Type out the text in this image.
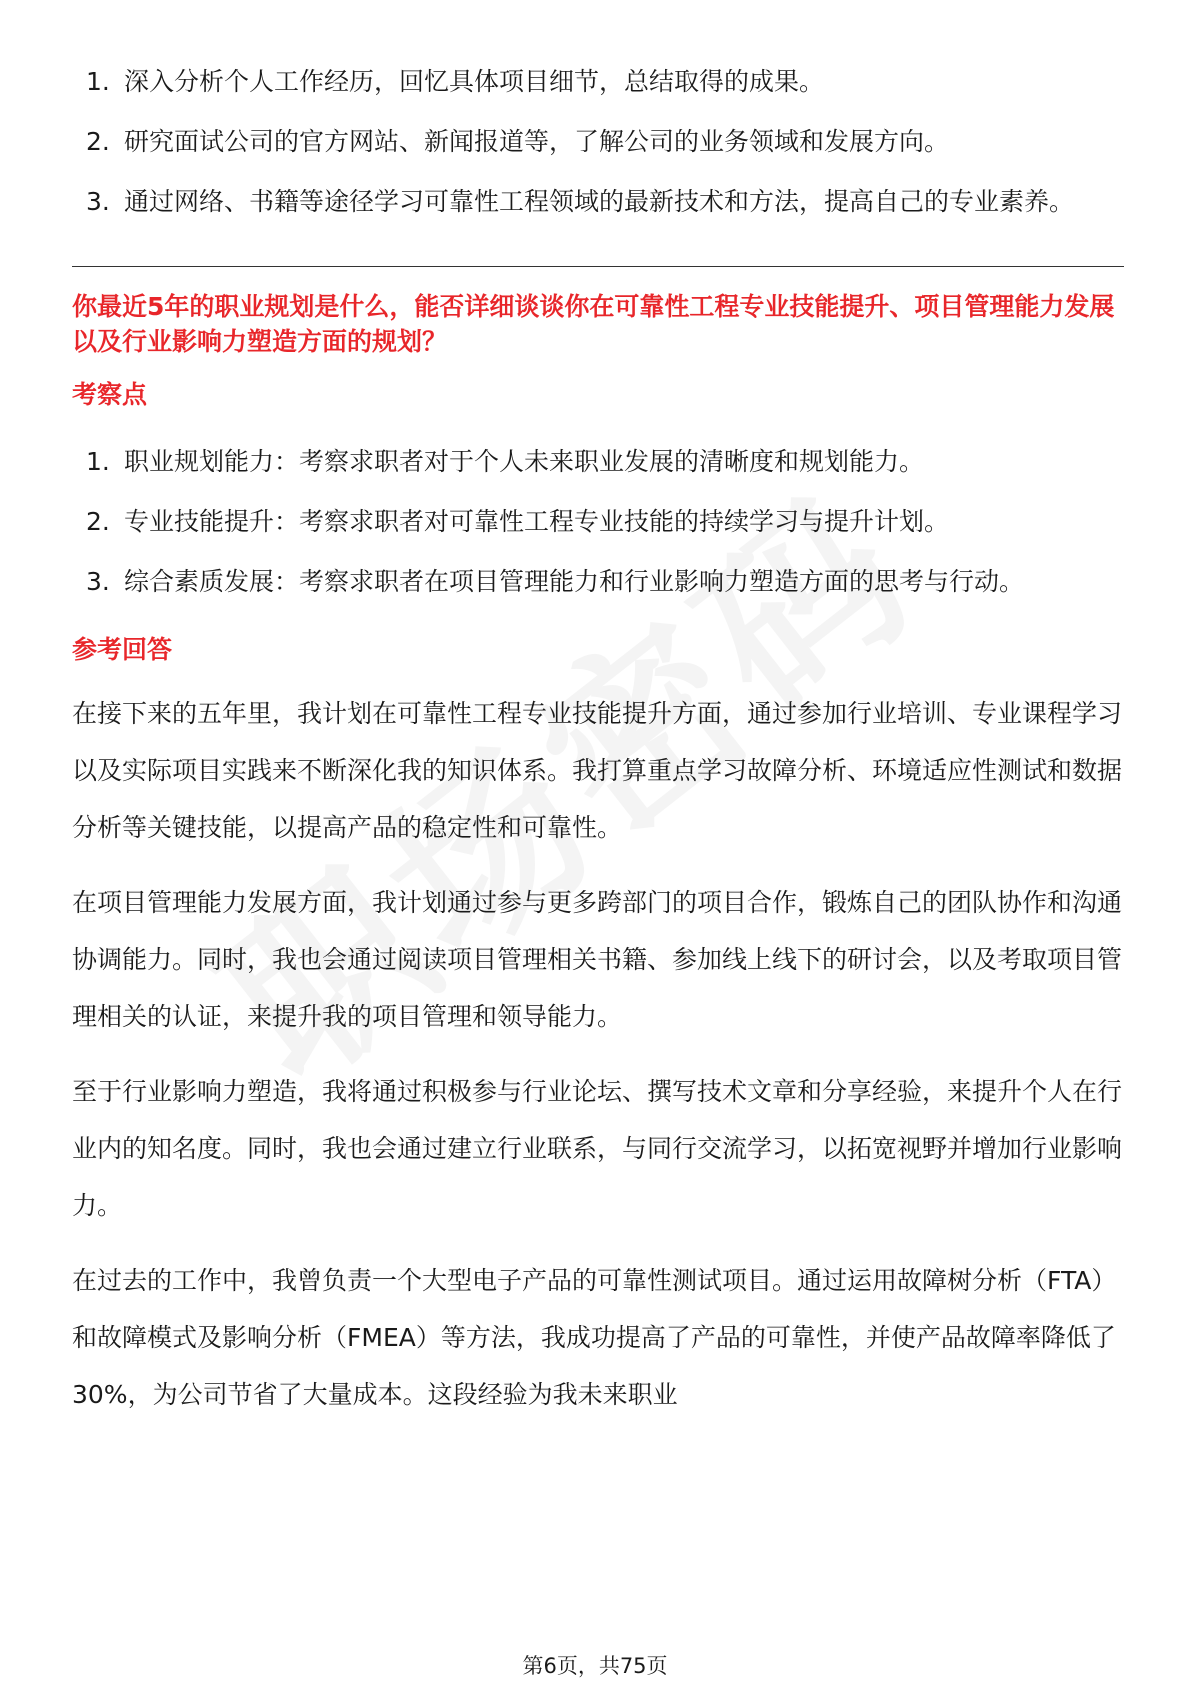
1. 深入分析个人工作经历，回忆具体项目细节，总结取得的成果。
2. 研究面试公司的官方网站、新闻报道等，了解公司的业务领域和发展方向。
3. 通过网络、书籍等途径学习可靠性工程领域的最新技术和方法，提高自己的专业素养。
你最近5年的职业规划是什么，能否详细谈谈你在可靠性工程专业技能提升、项目管理能力发展以及行业影响力塑造方面的规划？
考察点
1. 职业规划能力：考察求职者对于个人未来职业发展的清晰度和规划能力。
2. 专业技能提升：考察求职者对可靠性工程专业技能的持续学习与提升计划。
3. 综合素质发展：考察求职者在项目管理能力和行业影响力塑造方面的思考与行动。
参考回答

在接下来的五年里，我计划在可靠性工程专业技能提升方面，通过参加行业培训、专业课程学习以及实际项目实践来不断深化我的知识体系。我打算重点学习故障分析、环境适应性测试和数据分析等关键技能，以提高产品的稳定性和可靠性。

在项目管理能力发展方面，我计划通过参与更多跨部门的项目合作，锻炼自己的团队协作和沟通协调能力。同时，我也会通过阅读项目管理相关书籍、参加线上线下的研讨会，以及考取项目管理相关的认证，来提升我的项目管理和领导能力。

至于行业影响力塑造，我将通过积极参与行业论坛、撰写技术文章和分享经验，来提升个人在行业内的知名度。同时，我也会通过建立行业联系，与同行交流学习，以拓宽视野并增加行业影响力。

在过去的工作中，我曾负责一个大型电子产品的可靠性测试项目。通过运用故障树分析（FTA）和故障模式及影响分析（FMEA）等方法，我成功提高了产品的可靠性，并使产品故障率降低了30%，为公司节省了大量成本。这段经验为我未来职业

第6页，共75页
